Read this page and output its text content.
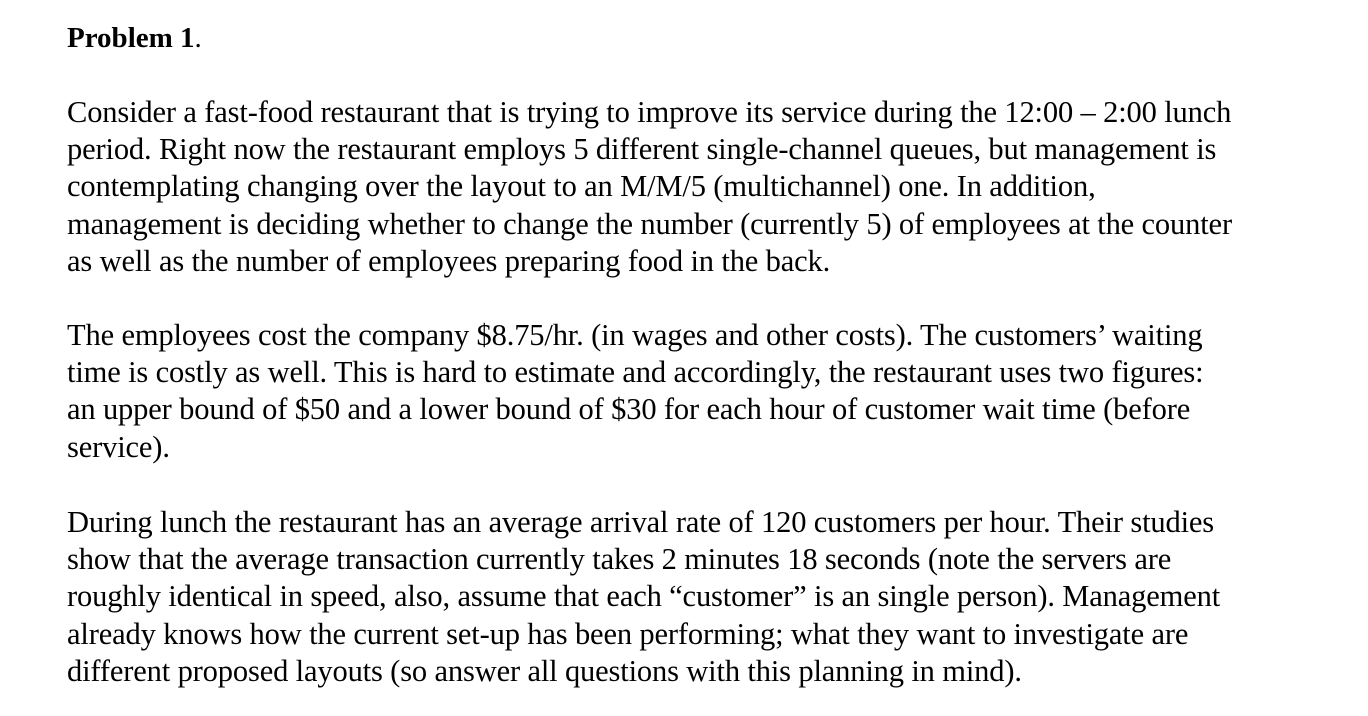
Problem 1.
Consider a fast-food restaurant that is trying to improve its service during the 12:00 – 2:00 lunch
period. Right now the restaurant employs 5 different single-channel queues, but management is
contemplating changing over the layout to an M/M/5 (multichannel) one. In addition,
management is deciding whether to change the number (currently 5) of employees at the counter
as well as the number of employees preparing food in the back.
The employees cost the company $8.75/hr. (in wages and other costs). The customers’ waiting
time is costly as well. This is hard to estimate and accordingly, the restaurant uses two figures:
an upper bound of $50 and a lower bound of $30 for each hour of customer wait time (before
service).
During lunch the restaurant has an average arrival rate of 120 customers per hour. Their studies
show that the average transaction currently takes 2 minutes 18 seconds (note the servers are
roughly identical in speed, also, assume that each “customer” is an single person). Management
already knows how the current set-up has been performing; what they want to investigate are
different proposed layouts (so answer all questions with this planning in mind).
